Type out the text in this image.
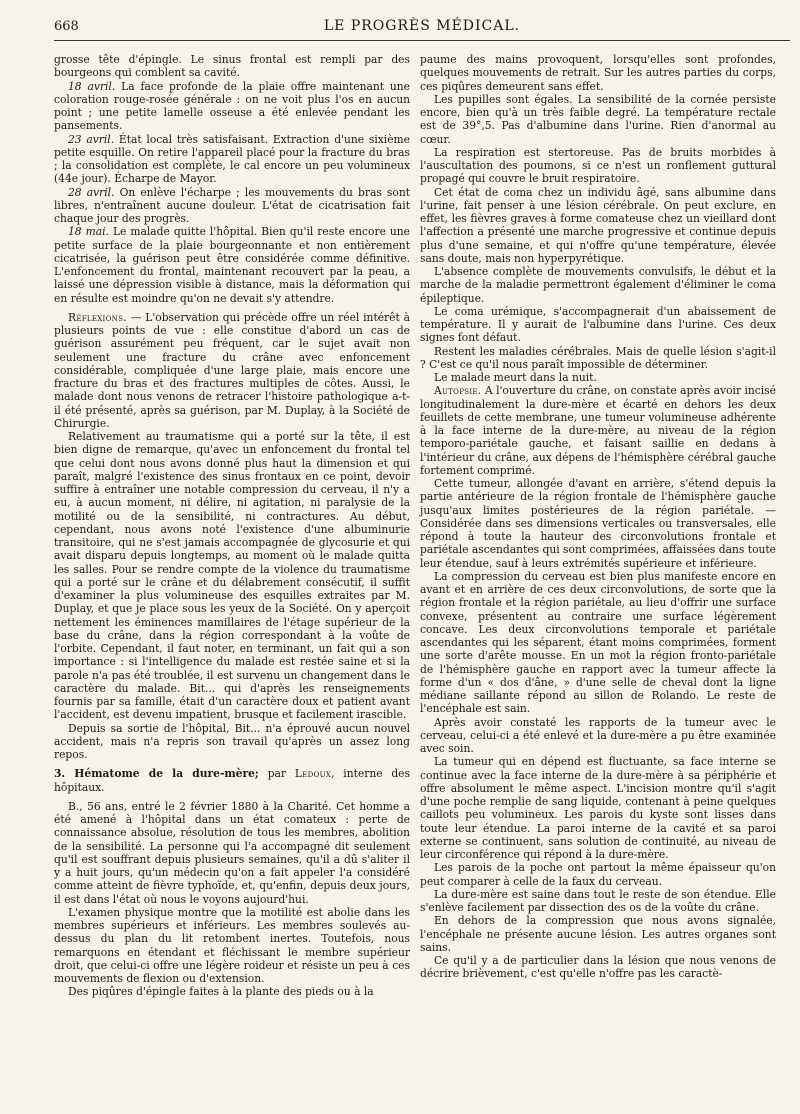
668	LE PROGRÈS MÉDICAL.

grosse tête d'épingle. Le sinus frontal est rempli par des bourgeons qui comblent sa cavité.

18 avril. La face profonde de la plaie offre maintenant une coloration rouge-rosée générale : on ne voit plus l'os en aucun point ; une petite lamelle osseuse a été enlevée pendant les pansements.

23 avril. État local très satisfaisant. Extraction d'une sixième petite esquille. On retire l'appareil placé pour la fracture du bras ; la consolidation est complète, le cal encore un peu volumineux (44e jour). Écharpe de Mayor.

28 avril. On enlève l'écharpe ; les mouvements du bras sont libres, n'entraînent aucune douleur. L'état de cicatrisation fait chaque jour des progrès.

18 mai. Le malade quitte l'hôpital. Bien qu'il reste encore une petite surface de la plaie bourgeonnante et non entièrement cicatrisée, la guérison peut être considérée comme définitive. L'enfoncement du frontal, maintenant recouvert par la peau, a laissé une dépression visible à distance, mais la déformation qui en résulte est moindre qu'on ne devait s'y attendre.

Réflexions. — L'observation qui précède offre un réel intérêt à plusieurs points de vue : elle constitue d'abord un cas de guérison assurément peu fréquent, car le sujet avait non seulement une fracture du crâne avec enfoncement considérable, compliquée d'une large plaie, mais encore une fracture du bras et des fractures multiples de côtes. Aussi, le malade dont nous venons de retracer l'histoire pathologique a-t-il été présenté, après sa guérison, par M. Duplay, à la Société de Chirurgie.

Relativement au traumatisme qui a porté sur la tête, il est bien digne de remarque, qu'avec un enfoncement du frontal tel que celui dont nous avons donné plus haut la dimension et qui paraît, malgré l'existence des sinus frontaux en ce point, devoir suffire à entraîner une notable compression du cerveau, il n'y a eu, à aucun moment, ni délire, ni agitation, ni paralysie de la motilité ou de la sensibilité, ni contractures. Au début, cependant, nous avons noté l'existence d'une albuminurie transitoire, qui ne s'est jamais accompagnée de glycosurie et qui avait disparu depuis longtemps, au moment où le malade quitta les salles. Pour se rendre compte de la violence du traumatisme qui a porté sur le crâne et du délabrement consécutif, il suffit d'examiner la plus volumineuse des esquilles extraites par M. Duplay, et que je place sous les yeux de la Société. On y aperçoit nettement les éminences mamillaires de l'étage supérieur de la base du crâne, dans la région correspondant à la voûte de l'orbite. Cependant, il faut noter, en terminant, un fait qui a son importance : si l'intelligence du malade est restée saine et si la parole n'a pas été troublée, il est survenu un changement dans le caractère du malade. Bit... qui d'après les renseignements fournis par sa famille, était d'un caractère doux et patient avant l'accident, est devenu impatient, brusque et facilement irascible.

Depuis sa sortie de l'hôpital, Bit... n'a éprouvé aucun nouvel accident, mais n'a repris son travail qu'après un assez long repos.

3. Hématome de la dure-mère; par Ledoux, interne des hôpitaux.

B., 56 ans, entré le 2 février 1880 à la Charité. Cet homme a été amené à l'hôpital dans un état comateux : perte de connaissance absolue, résolution de tous les membres, abolition de la sensibilité. La personne qui l'a accompagné dit seulement qu'il est souffrant depuis plusieurs semaines, qu'il a dû s'aliter il y a huit jours, qu'un médecin qu'on a fait appeler l'a considéré comme atteint de fièvre typhoïde, et, qu'enfin, depuis deux jours, il est dans l'état où nous le voyons aujourd'hui.

L'examen physique montre que la motilité est abolie dans les membres supérieurs et inférieurs. Les membres soulevés au-dessus du plan du lit retombent inertes. Toutefois, nous remarquons en étendant et fléchissant le membre supérieur droit, que celui-ci offre une légère roideur et résiste un peu à ces mouvements de flexion ou d'extension.

Des piqûres d'épingle faites à la plante des pieds ou à la

paume des mains provoquent, lorsqu'elles sont profondes, quelques mouvements de retrait. Sur les autres parties du corps, ces piqûres demeurent sans effet.

Les pupilles sont égales. La sensibilité de la cornée persiste encore, bien qu'à un très faible degré. La température rectale est de 39°,5. Pas d'albumine dans l'urine. Rien d'anormal au cœur.

La respiration est stertoreuse. Pas de bruits morbides à l'auscultation des poumons, si ce n'est un ronflement guttural propagé qui couvre le bruit respiratoire.

Cet état de coma chez un individu âgé, sans albumine dans l'urine, fait penser à une lésion cérébrale. On peut exclure, en effet, les fièvres graves à forme comateuse chez un vieillard dont l'affection a présenté une marche progressive et continue depuis plus d'une semaine, et qui n'offre qu'une température, élevée sans doute, mais non hyperpyrétique.

L'absence complète de mouvements convulsifs, le début et la marche de la maladie permettront également d'éliminer le coma épileptique.

Le coma urémique, s'accompagnerait d'un abaissement de température. Il y aurait de l'albumine dans l'urine. Ces deux signes font défaut.

Restent les maladies cérébrales. Mais de quelle lésion s'agit-il ? C'est ce qu'il nous paraît impossible de déterminer.

Le malade meurt dans la nuit.

Autopsie. A l'ouverture du crâne, on constate après avoir incisé longitudinalement la dure-mère et écarté en dehors les deux feuillets de cette membrane, une tumeur volumineuse adhérente à la face interne de la dure-mère, au niveau de la région temporo-pariétale gauche, et faisant saillie en dedans à l'intérieur du crâne, aux dépens de l'hémisphère cérébral gauche fortement comprimé.

Cette tumeur, allongée d'avant en arrière, s'étend depuis la partie antérieure de la région frontale de l'hémisphère gauche jusqu'aux limites postérieures de la région pariétale. — Considérée dans ses dimensions verticales ou transversales, elle répond à toute la hauteur des circonvolutions frontale et pariétale ascendantes qui sont comprimées, affaissées dans toute leur étendue, sauf à leurs extrémités supérieure et inférieure.

La compression du cerveau est bien plus manifeste encore en avant et en arrière de ces deux circonvolutions, de sorte que la région frontale et la région pariétale, au lieu d'offrir une surface convexe, présentent au contraire une surface légèrement concave. Les deux circonvolutions temporale et pariétale ascendantes qui les séparent, étant moins comprimées, forment une sorte d'arête mousse. En un mot la région fronto-pariétale de l'hémisphère gauche en rapport avec la tumeur affecte la forme d'un « dos d'âne, » d'une selle de cheval dont la ligne médiane saillante répond au sillon de Rolando. Le reste de l'encéphale est sain.

Après avoir constaté les rapports de la tumeur avec le cerveau, celui-ci a été enlevé et la dure-mère a pu être examinée avec soin.

La tumeur qui en dépend est fluctuante, sa face interne se continue avec la face interne de la dure-mère à sa périphérie et offre absolument le même aspect. L'incision montre qu'il s'agit d'une poche remplie de sang liquide, contenant à peine quelques caillots peu volumineux. Les parois du kyste sont lisses dans toute leur étendue. La paroi interne de la cavité et sa paroi externe se continuent, sans solution de continuité, au niveau de leur circonférence qui répond à la dure-mère.

Les parois de la poche ont partout la même épaisseur qu'on peut comparer à celle de la faux du cerveau.

La dure-mère est saine dans tout le reste de son étendue. Elle s'enlève facilement par dissection des os de la voûte du crâne.

En dehors de la compression que nous avons signalée, l'encéphale ne présente aucune lésion. Les autres organes sont sains.

Ce qu'il y a de particulier dans la lésion que nous venons de décrire brièvement, c'est qu'elle n'offre pas les caractè-
